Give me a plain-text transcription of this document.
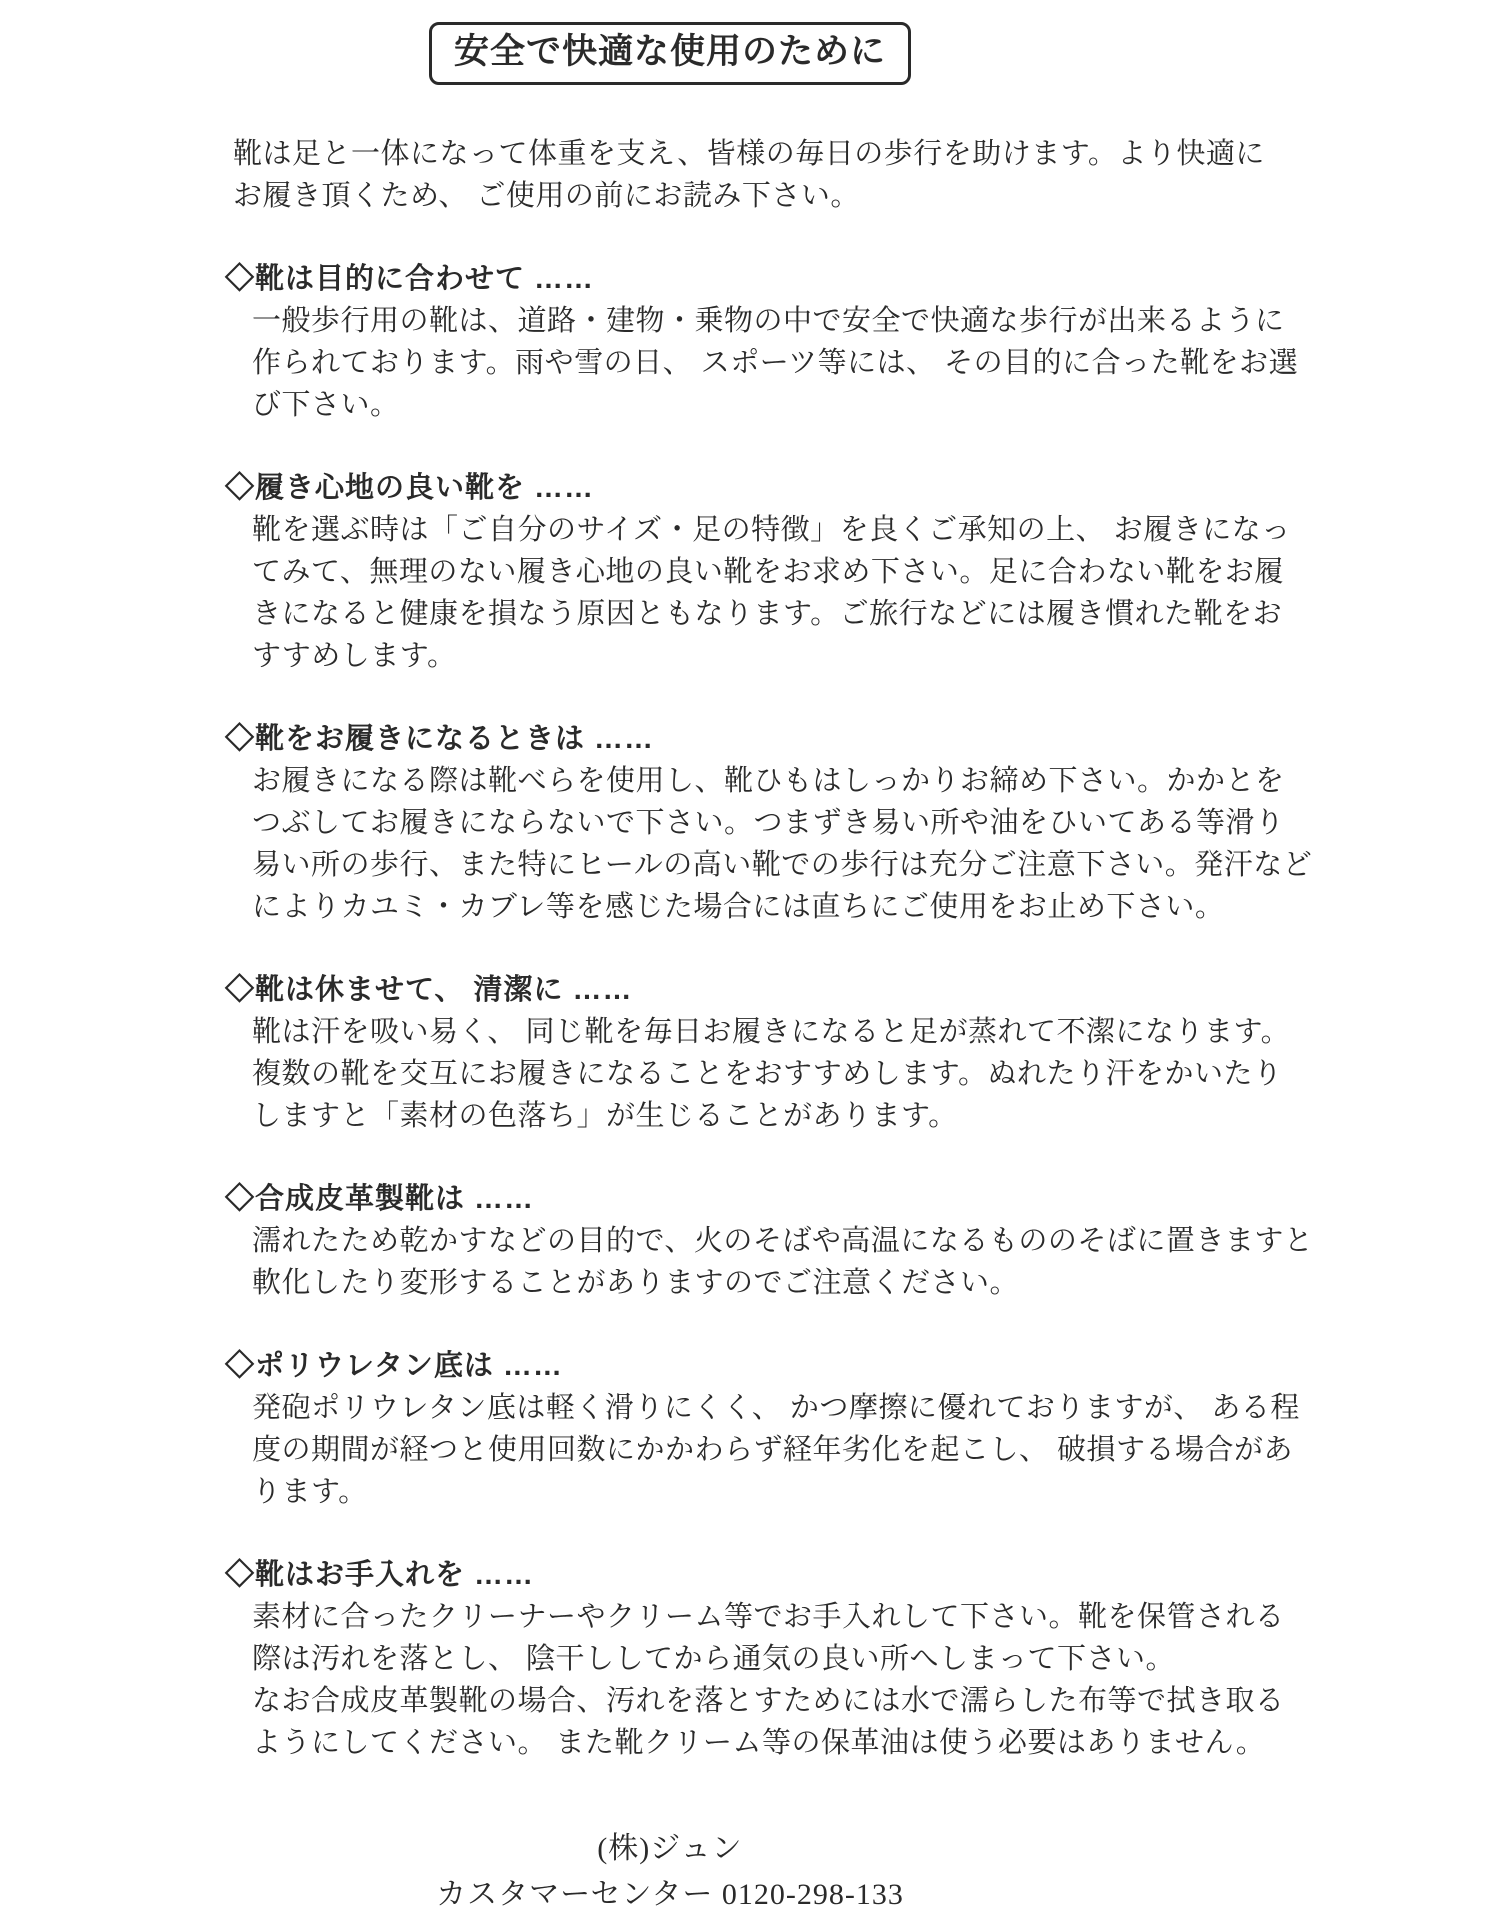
安全で快適な使用のために
靴は足と一体になって体重を支え、皆様の毎日の歩行を助けます。より快適に
お履き頂くため、 ご使用の前にお読み下さい。
◇靴は目的に合わせて ……
一般歩行用の靴は、道路・建物・乗物の中で安全で快適な歩行が出来るように
作られております。雨や雪の日、 スポーツ等には、 その目的に合った靴をお選
び下さい。
◇履き心地の良い靴を ……
靴を選ぶ時は「ご自分のサイズ・足の特徴」を良くご承知の上、 お履きになっ
てみて、無理のない履き心地の良い靴をお求め下さい。足に合わない靴をお履
きになると健康を損なう原因ともなります。ご旅行などには履き慣れた靴をお
すすめします。
◇靴をお履きになるときは ……
お履きになる際は靴べらを使用し、靴ひもはしっかりお締め下さい。かかとを
つぶしてお履きにならないで下さい。つまずき易い所や油をひいてある等滑り
易い所の歩行、また特にヒールの高い靴での歩行は充分ご注意下さい。発汗など
によりカユミ・カブレ等を感じた場合には直ちにご使用をお止め下さい。
◇靴は休ませて、 清潔に ……
靴は汗を吸い易く、 同じ靴を毎日お履きになると足が蒸れて不潔になります。
複数の靴を交互にお履きになることをおすすめします。ぬれたり汗をかいたり
しますと「素材の色落ち」が生じることがあります。
◇合成皮革製靴は ……
濡れたため乾かすなどの目的で、火のそばや高温になるもののそばに置きますと
軟化したり変形することがありますのでご注意ください。
◇ポリウレタン底は ……
発砲ポリウレタン底は軽く滑りにくく、 かつ摩擦に優れておりますが、 ある程
度の期間が経つと使用回数にかかわらず経年劣化を起こし、 破損する場合があ
ります。
◇靴はお手入れを ……
素材に合ったクリーナーやクリーム等でお手入れして下さい。靴を保管される
際は汚れを落とし、 陰干ししてから通気の良い所へしまって下さい。
なお合成皮革製靴の場合、汚れを落とすためには水で濡らした布等で拭き取る
ようにしてください。 また靴クリーム等の保革油は使う必要はありません。
(株)ジュン
カスタマーセンター 0120-298-133
